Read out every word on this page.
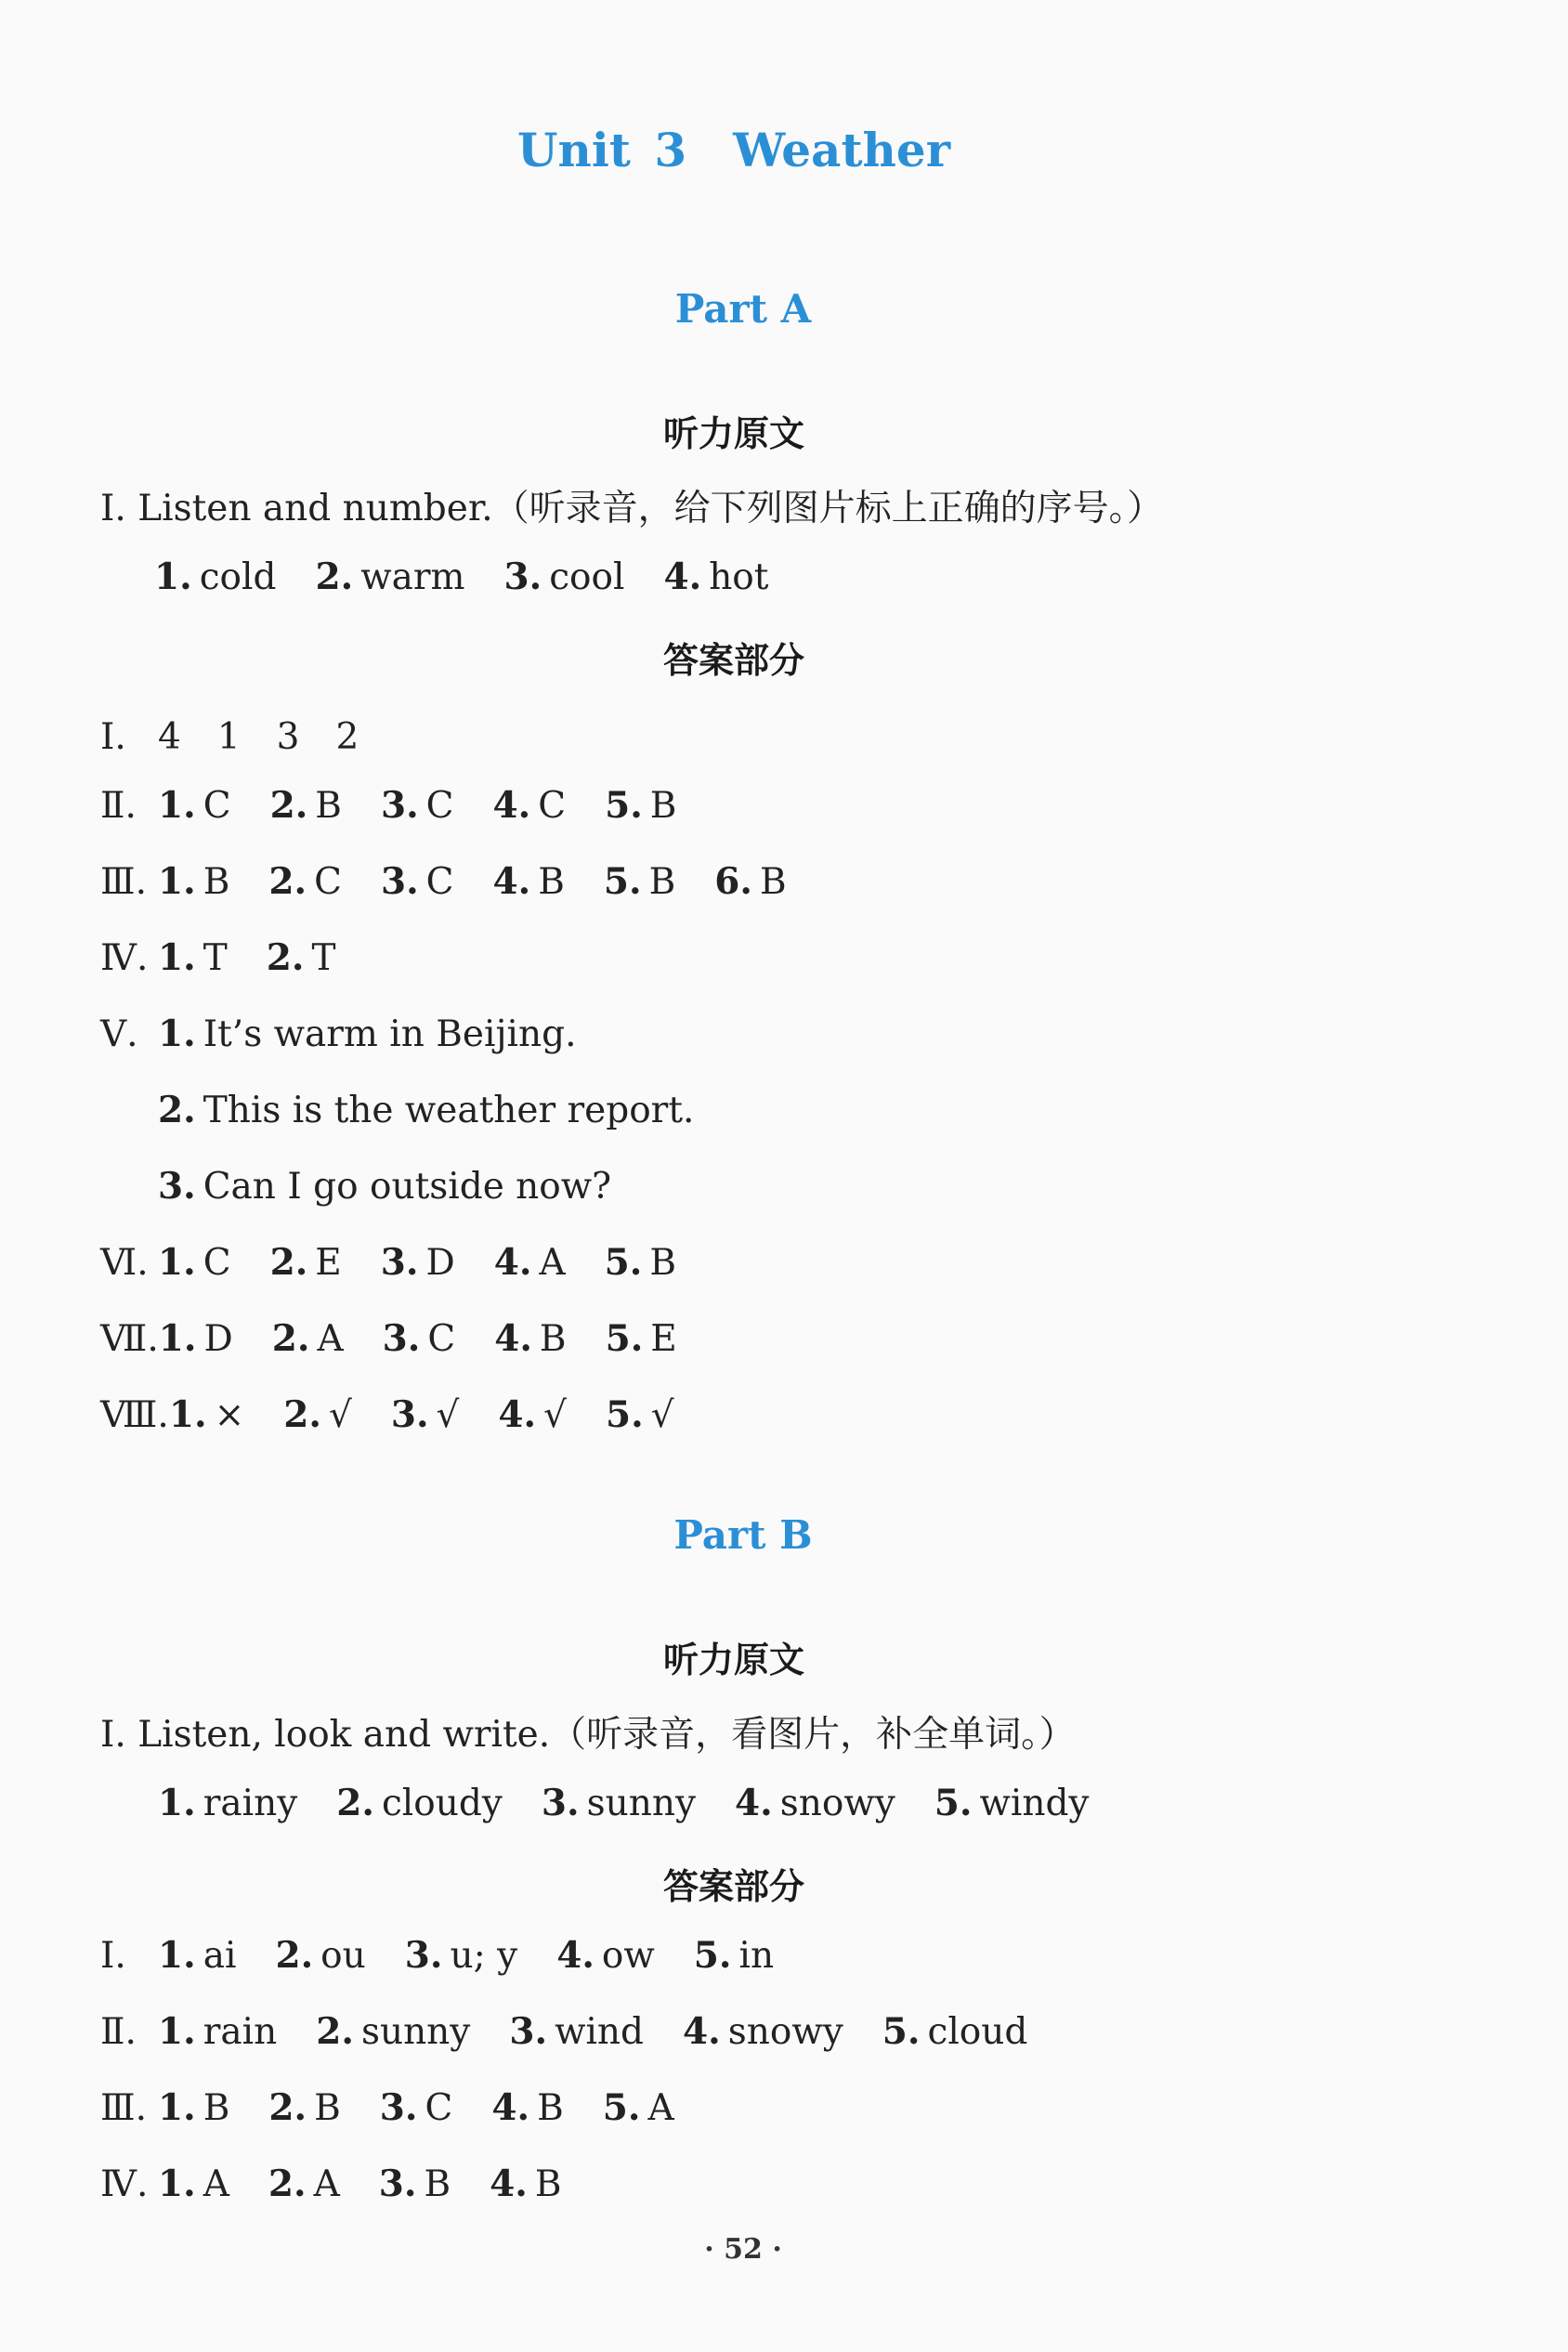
Unit 3　Weather
Part A
听力原文
Ⅰ. Listen and number.（听录音，给下列图片标上正确的序号。）
1. cold 2. warm 3. cool 4. hot
答案部分
Ⅰ. 4　1　3　2
Ⅱ. 1. C 2. B 3. C 4. C 5. B
Ⅲ. 1. B 2. C 3. C 4. B 5. B 6. B
Ⅳ. 1. T 2. T
Ⅴ. 1. It’s warm in Beijing.
2. This is the weather report.
3. Can I go outside now?
Ⅵ. 1. C 2. E 3. D 4. A 5. B
Ⅶ.1. D 2. A 3. C 4. B 5. E
Ⅷ.1. × 2. √ 3. √ 4. √ 5. √
Part B
听力原文
Ⅰ. Listen, look and write.（听录音，看图片，补全单词。）
1. rainy 2. cloudy 3. sunny 4. snowy 5. windy
答案部分
Ⅰ. 1. ai 2. ou 3. u; y 4. ow 5. in
Ⅱ. 1. rain 2. sunny 3. wind 4. snowy 5. cloud
Ⅲ. 1. B 2. B 3. C 4. B 5. A
Ⅳ. 1. A 2. A 3. B 4. B
· 52 ·
